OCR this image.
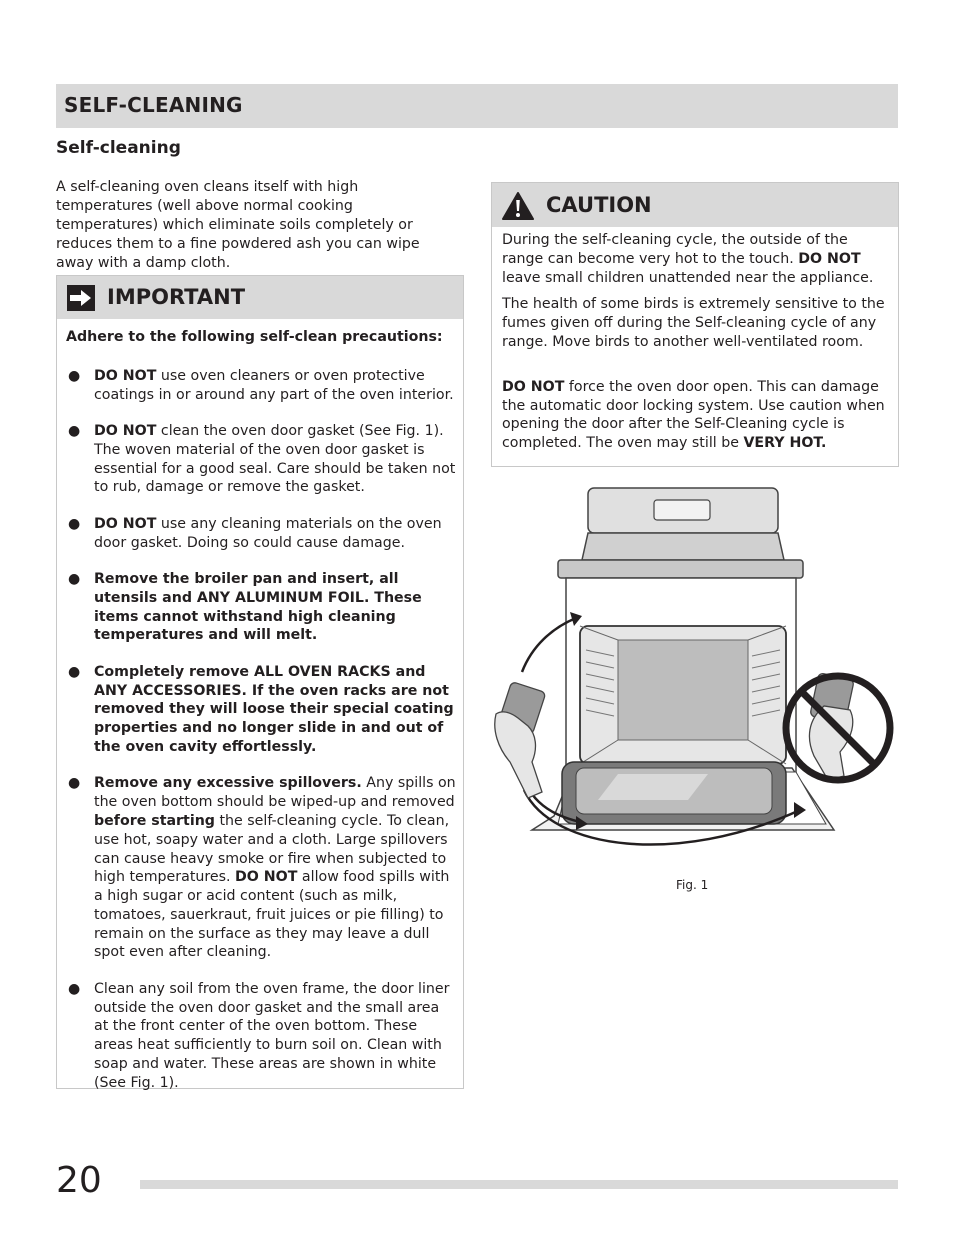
SELF-CLEANING
Self-cleaning
A self-cleaning oven cleans itself with high temperatures (well above normal cooking temperatures) which eliminate soils completely or reduces them to a fine powdered ash you can wipe away with a damp cloth.
IMPORTANT

Adhere to the following self-clean precautions:

● DO NOT use oven cleaners or oven protective coatings in or around any part of the oven interior.
● DO NOT clean the oven door gasket (See Fig. 1). The woven material of the oven door gasket is essential for a good seal. Care should be taken not to rub, damage or remove the gasket.
● DO NOT use any cleaning materials on the oven door gasket. Doing so could cause damage.
● Remove the broiler pan and insert, all utensils and ANY ALUMINUM FOIL. These items cannot withstand high cleaning temperatures and will melt.
● Completely remove ALL OVEN RACKS and ANY ACCESSORIES. If the oven racks are not removed they will loose their special coating properties and no longer slide in and out of the oven cavity effortlessly.
● Remove any excessive spillovers. Any spills on the oven bottom should be wiped-up and removed before starting the self-cleaning cycle. To clean, use hot, soapy water and a cloth. Large spillovers can cause heavy smoke or fire when subjected to high temperatures. DO NOT allow food spills with a high sugar or acid content (such as milk, tomatoes, sauerkraut, fruit juices or pie filling) to remain on the surface as they may leave a dull spot even after cleaning.
● Clean any soil from the oven frame, the door liner outside the oven door gasket and the small area at the front center of the oven bottom. These areas heat sufficiently to burn soil on. Clean with soap and water. These areas are shown in white (See Fig. 1).
CAUTION

During the self-cleaning cycle, the outside of the range can become very hot to the touch. DO NOT leave small children unattended near the appliance.

The health of some birds is extremely sensitive to the fumes given off during the Self-cleaning cycle of any range. Move birds to another well-ventilated room.

DO NOT force the oven door open. This can damage the automatic door locking system. Use caution when opening the door after the Self-Cleaning cycle is completed. The oven may still be VERY HOT.

Fig. 1
20
